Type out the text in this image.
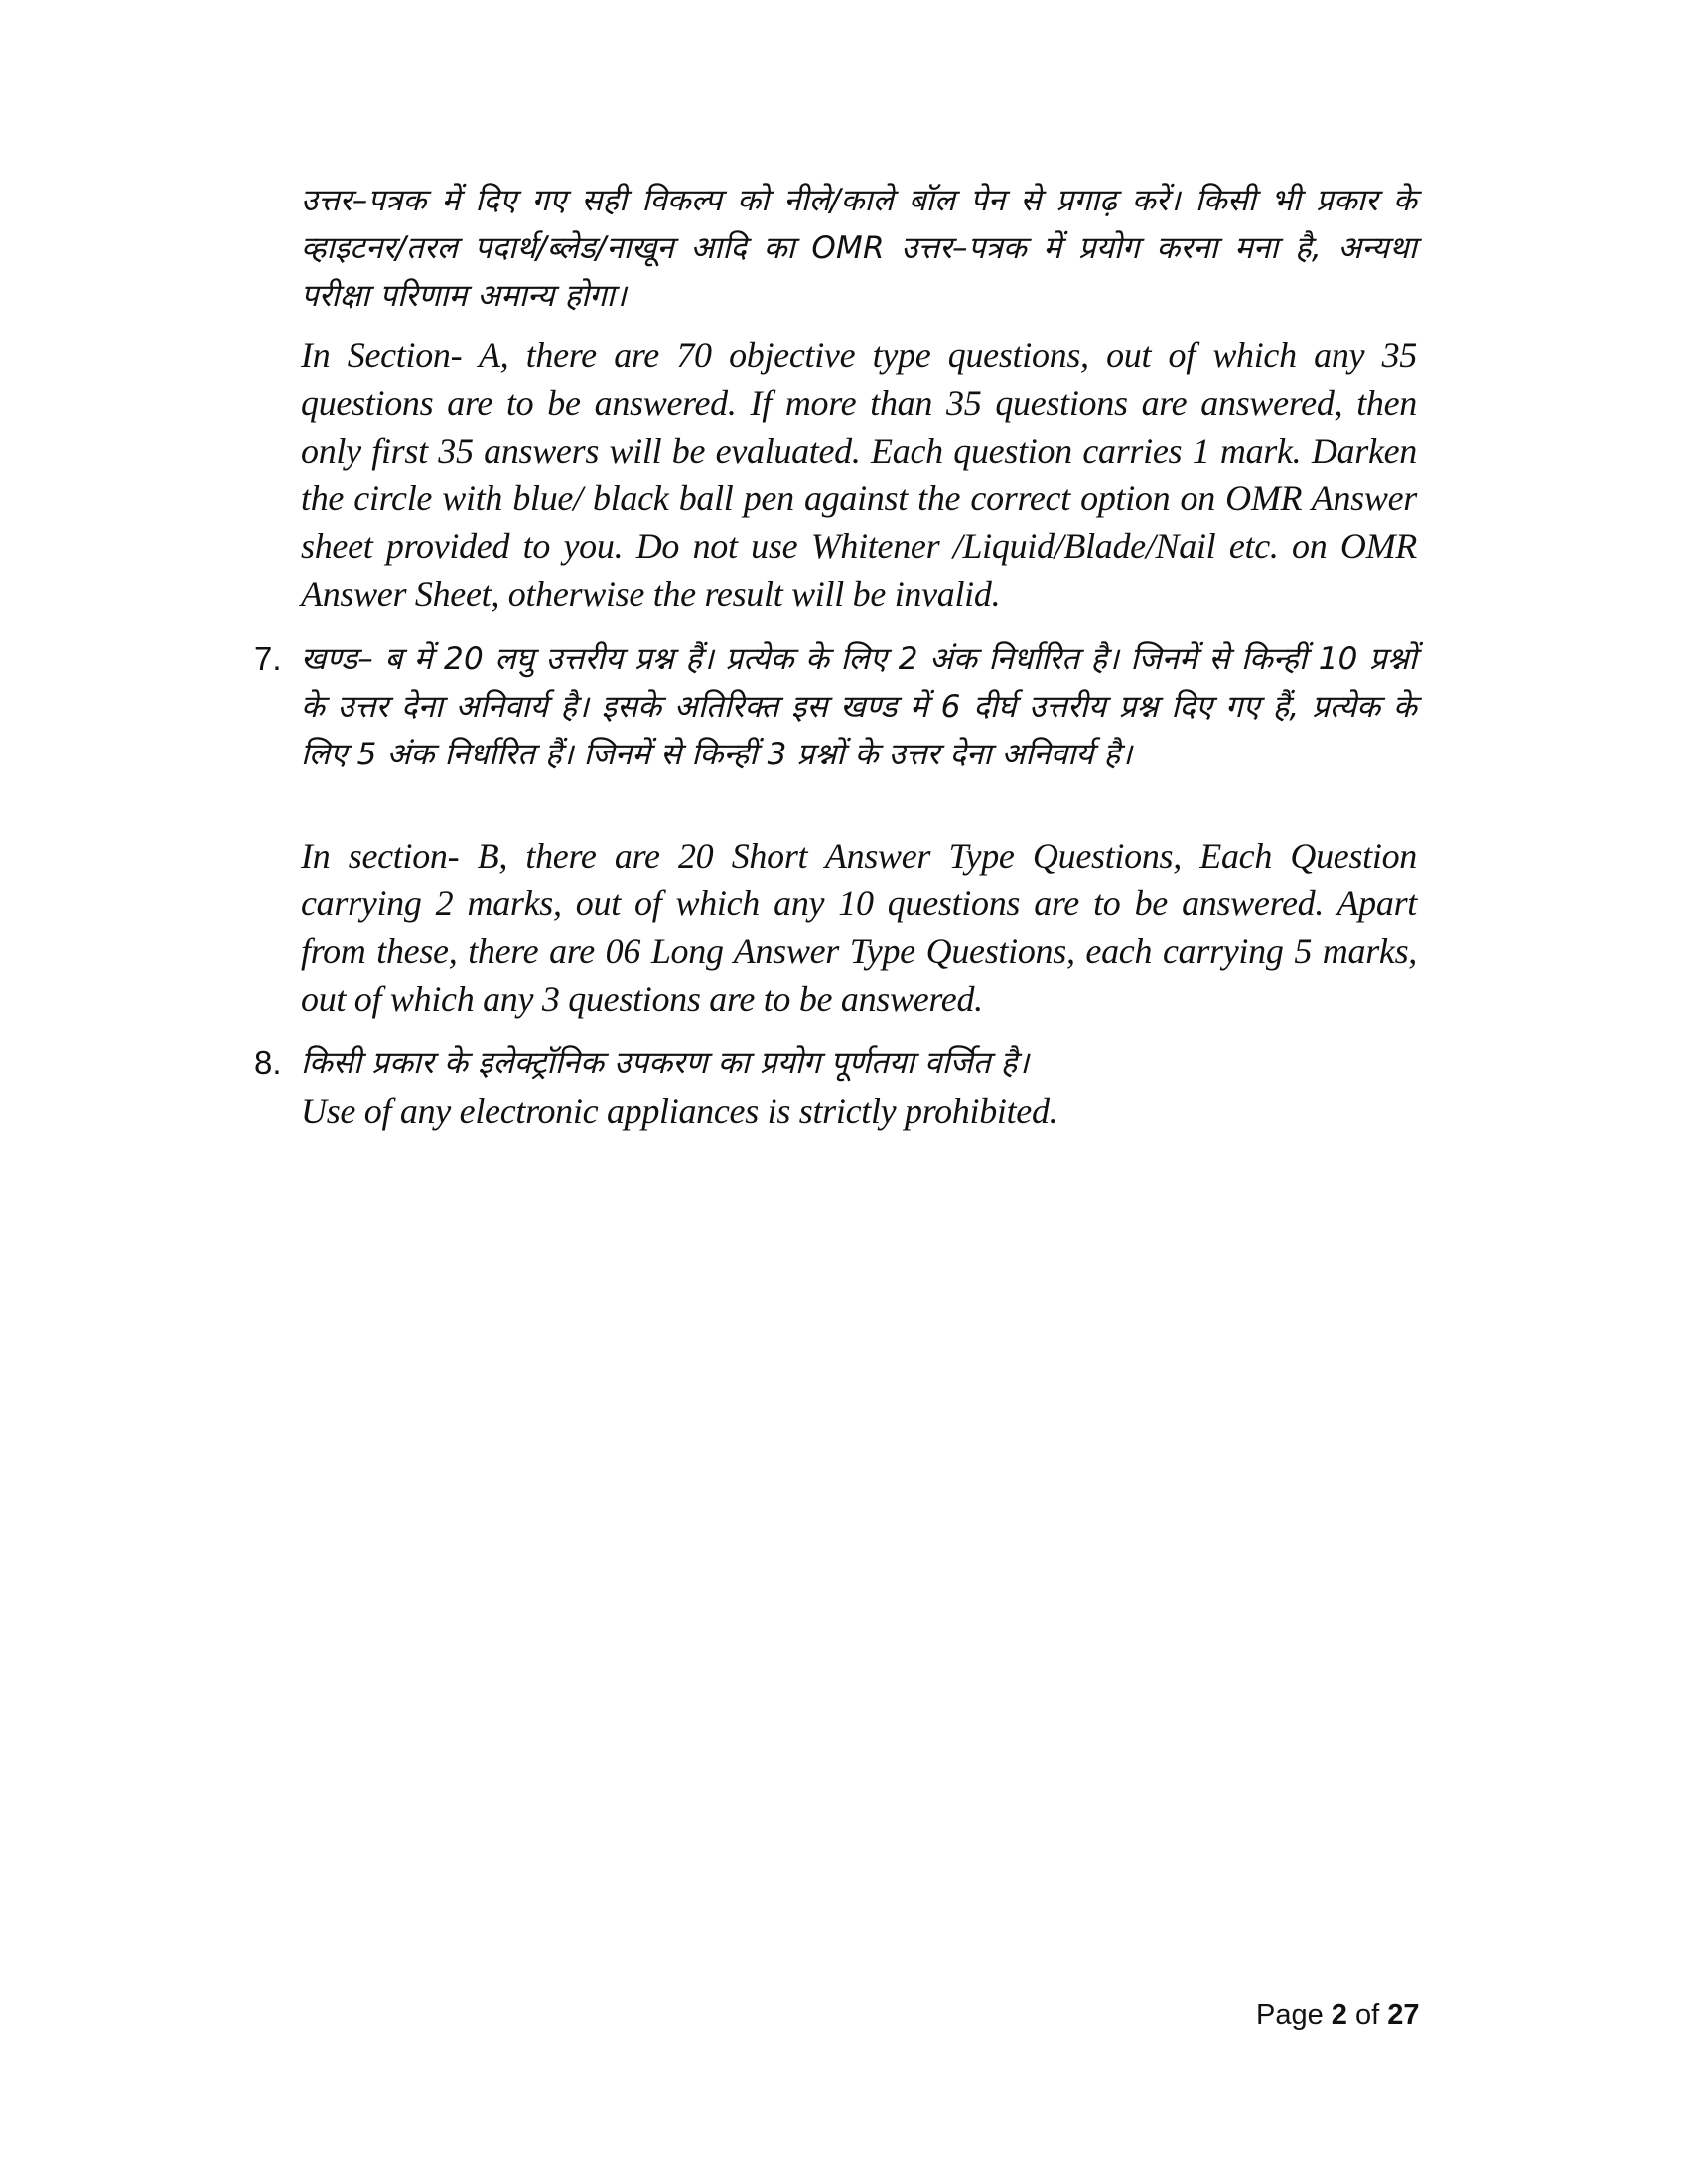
उत्तर–पत्रक में दिए गए सही विकल्प को नीले/काले बॉल पेन से प्रगाढ़ करें। किसी भी प्रकार के व्हाइटनर/तरल पदार्थ/ब्लेड/नाखून आदि का OMR उत्तर–पत्रक में प्रयोग करना मना है, अन्यथा परीक्षा परिणाम अमान्य होगा।
In Section- A, there are 70 objective type questions, out of which any 35 questions are to be answered. If more than 35 questions are answered, then only first 35 answers will be evaluated. Each question carries 1 mark. Darken the circle with blue/ black ball pen against the correct option on OMR Answer sheet provided to you. Do not use Whitener /Liquid/Blade/Nail etc. on OMR Answer Sheet, otherwise the result will be invalid.
7. खण्ड– ब में 20 लघु उत्तरीय प्रश्न हैं। प्रत्येक के लिए 2 अंक निर्धारित है। जिनमें से किन्हीं 10 प्रश्नों के उत्तर देना अनिवार्य है। इसके अतिरिक्त इस खण्ड में 6 दीर्घ उत्तरीय प्रश्न दिए गए हैं, प्रत्येक के लिए 5 अंक निर्धारित हैं। जिनमें से किन्हीं 3 प्रश्नों के उत्तर देना अनिवार्य है।
In section- B, there are 20 Short Answer Type Questions, Each Question carrying 2 marks, out of which any 10 questions are to be answered. Apart from these, there are 06 Long Answer Type Questions, each carrying 5 marks, out of which any 3 questions are to be answered.
8. किसी प्रकार के इलेक्ट्रॉनिक उपकरण का प्रयोग पूर्णतया वर्जित है।
Use of any electronic appliances is strictly prohibited.
Page 2 of 27
